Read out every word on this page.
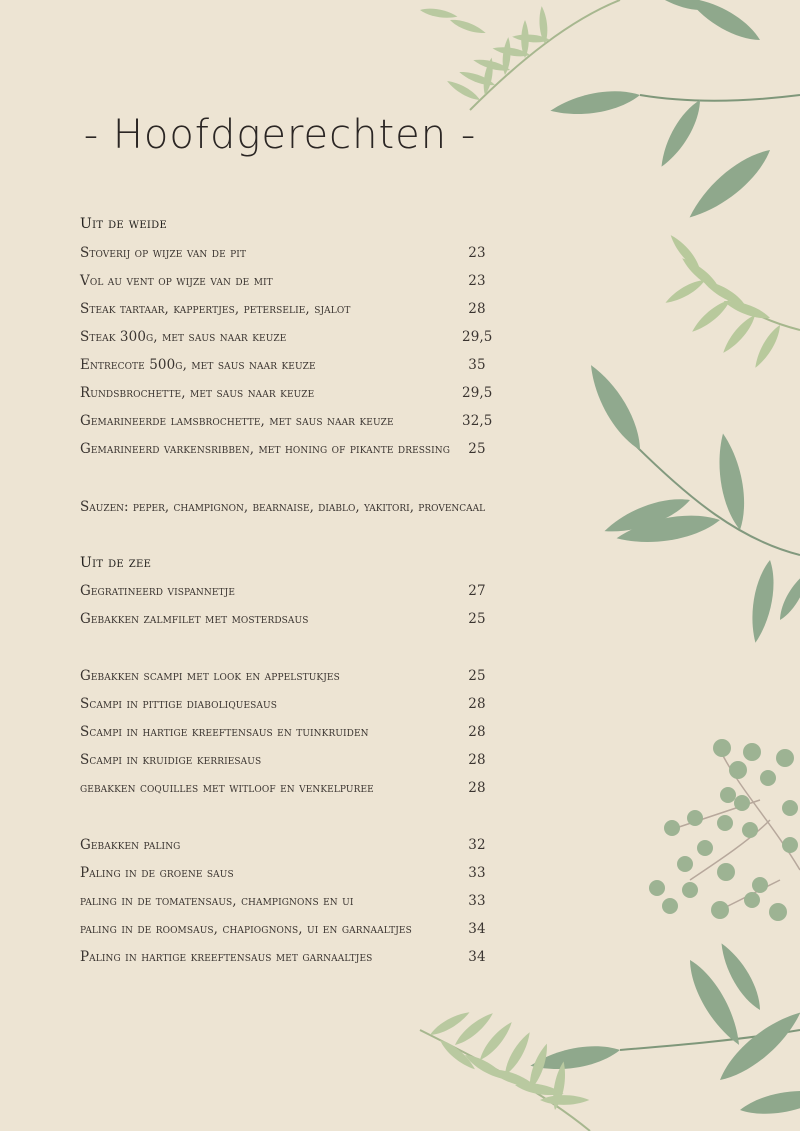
- Hoofdgerechten -
Uit de weide
Stoverij op wijze van de pit	23
Vol au vent op wijze van de mit	23
Steak tartaar, kappertjes, peterselie, sjalot	28
Steak 300g, met saus naar keuze	29,5
Entrecote 500g, met saus naar keuze	35
Rundsbrochette, met saus naar keuze	29,5
Gemarineerde lamsbrochette, met saus naar keuze	32,5
Gemarineerd varkensribben, met honing of pikante dressing	25
Sauzen: peper, champignon, bearnaise, diablo, yakitori, provencaal
Uit de zee
Gegratineerd vispannetje	27
Gebakken zalmfilet met mosterdsaus	25
Gebakken scampi met look en appelstukjes	25
Scampi in pittige diaboliquesaus	28
Scampi in hartige kreeftensaus en tuinkruiden	28
Scampi in kruidige kerriesaus	28
gebakken coquilles met witloof en venkelpuree	28
Gebakken paling	32
Paling in de groene saus	33
paling in de tomatensaus, champignons en ui	33
paling in de roomsaus, chapiognons, ui en garnaaltjes	34
Paling in hartige kreeftensaus met garnaaltjes	34
